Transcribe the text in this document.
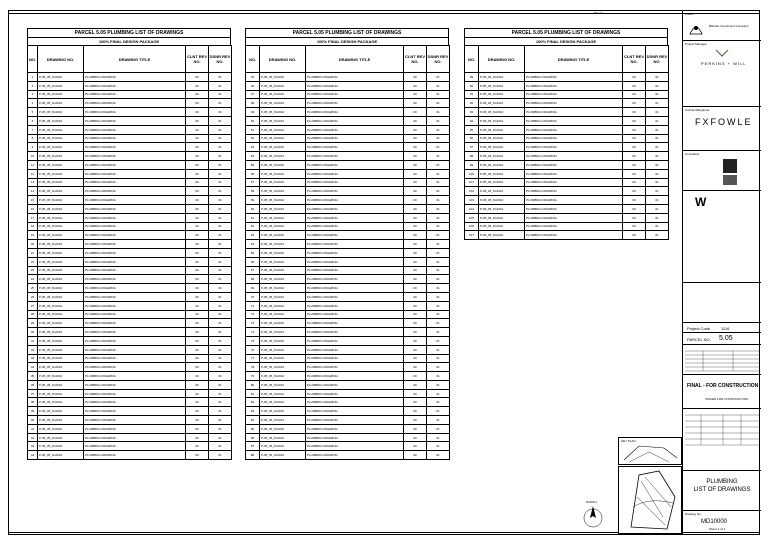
Westin
PARCEL 5.05 PLUMBING LIST OF DRAWINGS
100% FINAL DESIGN PACKAGE
NO.	DRAWING NO.	DRAWING TITLE	CLNT REV NO.	DSNR REV NO.
1	P-05_05_M-0010	PLUMBING DRAWING	00	01
2	P-05_05_M-0010	PLUMBING DRAWING	00	01
3	P-05_05_M-0010	PLUMBING DRAWING	00	01
4	P-05_05_M-0010	PLUMBING DRAWING	00	01
5	P-05_05_M-0010	PLUMBING DRAWING	00	01
6	P-05_05_M-0010	PLUMBING DRAWING	00	01
7	P-05_05_M-0010	PLUMBING DRAWING	00	01
8	P-05_05_M-0010	PLUMBING DRAWING	00	01
9	P-05_05_M-0010	PLUMBING DRAWING	00	01
10	P-05_05_M-0010	PLUMBING DRAWING	00	01
11	P-05_05_M-0010	PLUMBING DRAWING	00	01
12	P-05_05_M-0010	PLUMBING DRAWING	00	01
13	P-05_05_M-0010	PLUMBING DRAWING	00	01
14	P-05_05_M-0010	PLUMBING DRAWING	00	01
15	P-05_05_M-0010	PLUMBING DRAWING	00	01
16	P-05_05_M-0010	PLUMBING DRAWING	00	01
17	P-05_05_M-0010	PLUMBING DRAWING	00	01
18	P-05_05_M-0010	PLUMBING DRAWING	00	01
19	P-05_05_M-0010	PLUMBING DRAWING	00	01
20	P-05_05_M-0010	PLUMBING DRAWING	00	01
21	P-05_05_M-0010	PLUMBING DRAWING	00	01
22	P-05_05_M-0010	PLUMBING DRAWING	00	01
23	P-05_05_M-0010	PLUMBING DRAWING	00	01
24	P-05_05_M-0010	PLUMBING DRAWING	00	01
25	P-05_05_M-0010	PLUMBING DRAWING	00	01
26	P-05_05_M-0010	PLUMBING DRAWING	00	01
27	P-05_05_M-0010	PLUMBING DRAWING	00	01
28	P-05_05_M-0010	PLUMBING DRAWING	00	01
29	P-05_05_M-0010	PLUMBING DRAWING	00	01
30	P-05_05_M-0010	PLUMBING DRAWING	00	01
31	P-05_05_M-0010	PLUMBING DRAWING	00	01
32	P-05_05_M-0010	PLUMBING DRAWING	00	01
33	P-05_05_M-0010	PLUMBING DRAWING	00	01
34	P-05_05_M-0010	PLUMBING DRAWING	00	01
35	P-05_05_M-0010	PLUMBING DRAWING	00	01
36	P-05_05_M-0010	PLUMBING DRAWING	00	01
37	P-05_05_M-0010	PLUMBING DRAWING	00	01
38	P-05_05_M-0010	PLUMBING DRAWING	00	01
39	P-05_05_M-0010	PLUMBING DRAWING	00	01
40	P-05_05_M-0010	PLUMBING DRAWING	00	01
41	P-05_05_M-0010	PLUMBING DRAWING	00	01
42	P-05_05_M-0010	PLUMBING DRAWING	00	01
43	P-05_05_M-0010	PLUMBING DRAWING	00	01
44	P-05_05_M-0010	PLUMBING DRAWING	00	01
PARCEL 5.05 PLUMBING LIST OF DRAWINGS
100% FINAL DESIGN PACKAGE
NO.	DRAWING NO.	DRAWING TITLE	CLNT REV NO.	DSNR REV NO.
45	P-05_05_M-0010	PLUMBING DRAWING	00	01
46	P-05_05_M-0010	PLUMBING DRAWING	00	01
47	P-05_05_M-0010	PLUMBING DRAWING	00	01
48	P-05_05_M-0010	PLUMBING DRAWING	00	01
49	P-05_05_M-0010	PLUMBING DRAWING	00	01
50	P-05_05_M-0010	PLUMBING DRAWING	00	01
51	P-05_05_M-0010	PLUMBING DRAWING	00	01
52	P-05_05_M-0010	PLUMBING DRAWING	00	01
53	P-05_05_M-0010	PLUMBING DRAWING	00	01
54	P-05_05_M-0010	PLUMBING DRAWING	00	01
55	P-05_05_M-0010	PLUMBING DRAWING	00	01
56	P-05_05_M-0010	PLUMBING DRAWING	00	01
57	P-05_05_M-0010	PLUMBING DRAWING	00	01
58	P-05_05_M-0010	PLUMBING DRAWING	00	01
59	P-05_05_M-0010	PLUMBING DRAWING	00	01
60	P-05_05_M-0010	PLUMBING DRAWING	00	01
61	P-05_05_M-0010	PLUMBING DRAWING	00	01
62	P-05_05_M-0010	PLUMBING DRAWING	00	01
63	P-05_05_M-0010	PLUMBING DRAWING	00	01
64	P-05_05_M-0010	PLUMBING DRAWING	00	01
65	P-05_05_M-0010	PLUMBING DRAWING	00	01
66	P-05_05_M-0010	PLUMBING DRAWING	00	01
67	P-05_05_M-0010	PLUMBING DRAWING	00	01
68	P-05_05_M-0010	PLUMBING DRAWING	00	01
69	P-05_05_M-0010	PLUMBING DRAWING	00	01
70	P-05_05_M-0010	PLUMBING DRAWING	00	01
71	P-05_05_M-0010	PLUMBING DRAWING	00	01
72	P-05_05_M-0010	PLUMBING DRAWING	00	01
73	P-05_05_M-0010	PLUMBING DRAWING	00	01
74	P-05_05_M-0010	PLUMBING DRAWING	00	01
75	P-05_05_M-0010	PLUMBING DRAWING	00	01
76	P-05_05_M-0010	PLUMBING DRAWING	00	01
77	P-05_05_M-0010	PLUMBING DRAWING	00	01
78	P-05_05_M-0010	PLUMBING DRAWING	00	01
79	P-05_05_M-0010	PLUMBING DRAWING	00	01
80	P-05_05_M-0010	PLUMBING DRAWING	00	01
81	P-05_05_M-0010	PLUMBING DRAWING	00	01
82	P-05_05_M-0010	PLUMBING DRAWING	00	01
83	P-05_05_M-0010	PLUMBING DRAWING	00	01
84	P-05_05_M-0010	PLUMBING DRAWING	00	01
85	P-05_05_M-0010	PLUMBING DRAWING	00	01
86	P-05_05_M-0010	PLUMBING DRAWING	00	01
87	P-05_05_M-0010	PLUMBING DRAWING	00	01
88	P-05_05_M-0010	PLUMBING DRAWING	00	01
PARCEL 5.05 PLUMBING LIST OF DRAWINGS
100% FINAL DESIGN PACKAGE
NO.	DRAWING NO.	DRAWING TITLE	CLNT REV NO.	DSNR REV NO.
89	P-05_05_M-0010	PLUMBING DRAWING	00	01
90	P-05_05_M-0010	PLUMBING DRAWING	00	01
91	P-05_05_M-0010	PLUMBING DRAWING	00	01
92	P-05_05_M-0010	PLUMBING DRAWING	00	01
93	P-05_05_M-0010	PLUMBING DRAWING	00	01
94	P-05_05_M-0010	PLUMBING DRAWING	00	01
95	P-05_05_M-0010	PLUMBING DRAWING	00	01
96	P-05_05_M-0010	PLUMBING DRAWING	00	01
97	P-05_05_M-0010	PLUMBING DRAWING	00	01
98	P-05_05_M-0010	PLUMBING DRAWING	00	01
99	P-05_05_M-0010	PLUMBING DRAWING	00	01
100	P-05_05_M-0010	PLUMBING DRAWING	00	01
101	P-05_05_M-0010	PLUMBING DRAWING	00	01
102	P-05_05_M-0010	PLUMBING DRAWING	00	01
103	P-05_05_M-0010	PLUMBING DRAWING	00	01
104	P-05_05_M-0010	PLUMBING DRAWING	00	01
105	P-05_05_M-0010	PLUMBING DRAWING	00	01
106	P-05_05_M-0010	PLUMBING DRAWING	00	01
107	P-05_05_M-0010	PLUMBING DRAWING	00	01
KEY PLAN
NORTH
Owner
Bahrain Investment Company
Project Manager
PERKINS + WILL
Architect/Engineer
FXFOWLE
Consultant
W
Project Code	1116
PARCEL NO. 5.05
FINAL - FOR CONSTRUCTION
ISSUED FOR CONSTRUCTION
PLUMBING
LIST OF DRAWINGS
Drawing No.
MD10000
Sheet 1 of 1
